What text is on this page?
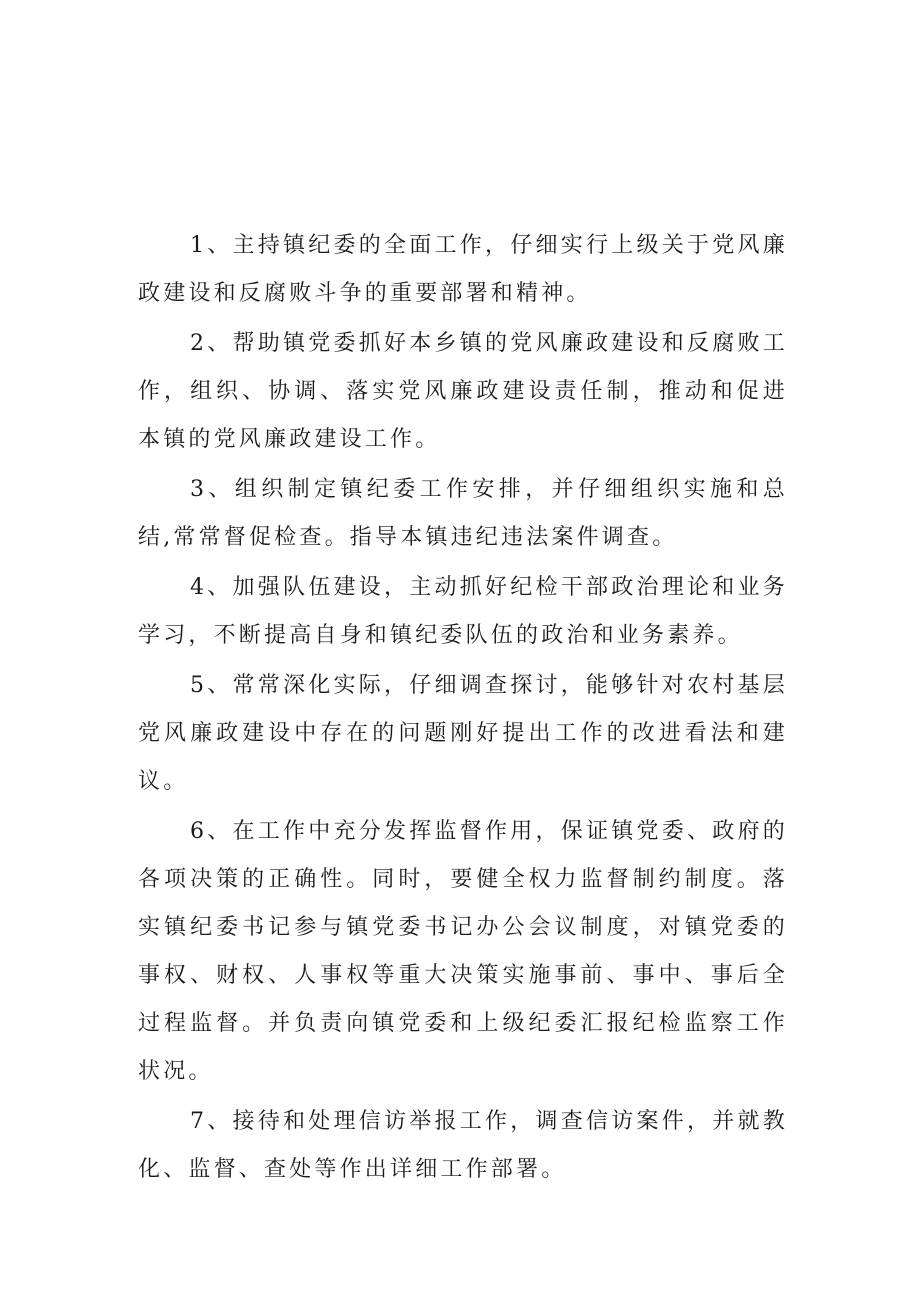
1、主持镇纪委的全面工作，仔细实行上级关于党风廉政建设和反腐败斗争的重要部署和精神。

2、帮助镇党委抓好本乡镇的党风廉政建设和反腐败工作，组织、协调、落实党风廉政建设责任制，推动和促进本镇的党风廉政建设工作。

3、组织制定镇纪委工作安排，并仔细组织实施和总结,常常督促检查。指导本镇违纪违法案件调查。

4、加强队伍建设，主动抓好纪检干部政治理论和业务学习，不断提高自身和镇纪委队伍的政治和业务素养。

5、常常深化实际，仔细调查探讨，能够针对农村基层党风廉政建设中存在的问题刚好提出工作的改进看法和建议。

6、在工作中充分发挥监督作用，保证镇党委、政府的各项决策的正确性。同时，要健全权力监督制约制度。落实镇纪委书记参与镇党委书记办公会议制度，对镇党委的事权、财权、人事权等重大决策实施事前、事中、事后全过程监督。并负责向镇党委和上级纪委汇报纪检监察工作状况。

7、接待和处理信访举报工作，调查信访案件，并就教化、监督、查处等作出详细工作部署。
